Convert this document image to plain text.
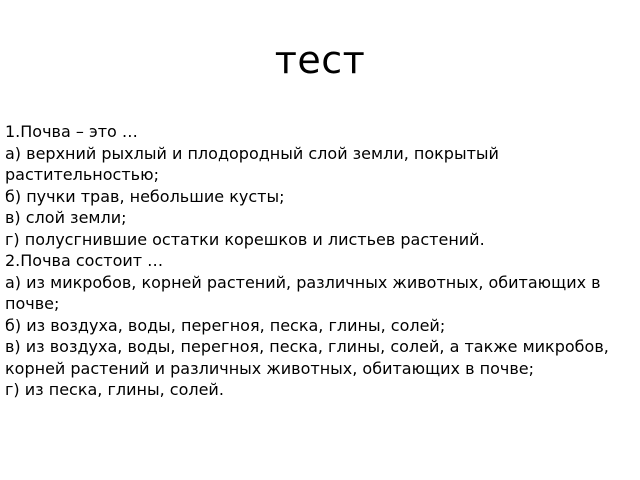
тест
1.Почва – это …
а) верхний рыхлый и плодородный слой земли, покрытый растительностью;
б) пучки трав, небольшие кусты;
в) слой земли;
г) полусгнившие остатки корешков и листьев растений.
2.Почва состоит …
а) из микробов, корней растений, различных животных, обитающих в почве;
б) из воздуха, воды, перегноя, песка, глины, солей;
в) из воздуха, воды, перегноя, песка, глины, солей, а также микробов, корней растений и различных животных, обитающих в почве;
г) из песка, глины, солей.
